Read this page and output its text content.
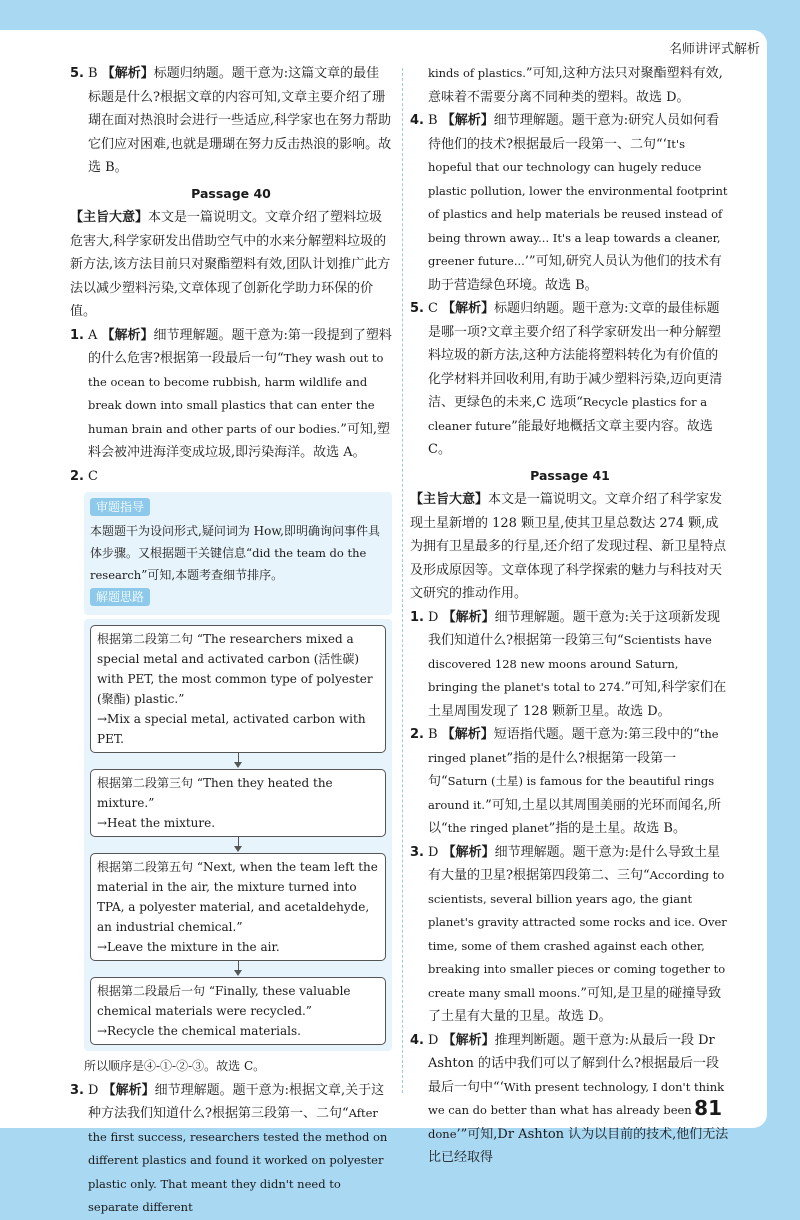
名师讲评式解析

5. B 【解析】标题归纳题。题干意为:这篇文章的最佳标题是什么?根据文章的内容可知,文章主要介绍了珊瑚在面对热浪时会进行一些适应,科学家也在努力帮助它们应对困难,也就是珊瑚在努力反击热浪的影响。故选 B。

Passage 40

【主旨大意】本文是一篇说明文。文章介绍了塑料垃圾危害大,科学家研发出借助空气中的水来分解塑料垃圾的新方法,该方法目前只对聚酯塑料有效,团队计划推广此方法以减少塑料污染,文章体现了创新化学助力环保的价值。

1. A 【解析】细节理解题。题干意为:第一段提到了塑料的什么危害?根据第一段最后一句“They wash out to the ocean to become rubbish, harm wildlife and break down into small plastics that can enter the human brain and other parts of our bodies.”可知,塑料会被冲进海洋变成垃圾,即污染海洋。故选 A。

2. C

审题指导
本题题干为设问形式,疑问词为 How,即明确询问事件具体步骤。又根据题干关键信息“did the team do the research”可知,本题考查细节排序。
解题思路
根据第二段第二句 “The researchers mixed a special metal and activated carbon (活性碳) with PET, the most common type of polyester (聚酯) plastic.”
→Mix a special metal, activated carbon with PET.
根据第二段第三句 “Then they heated the mixture.”
→Heat the mixture.
根据第二段第五句 “Next, when the team left the material in the air, the mixture turned into TPA, a polyester material, and acetaldehyde, an industrial chemical.”
→Leave the mixture in the air.
根据第二段最后一句 “Finally, these valuable chemical materials were recycled.”
→Recycle the chemical materials.
所以顺序是④-①-②-③。故选 C。

3. D 【解析】细节理解题。题干意为:根据文章,关于这种方法我们知道什么?根据第三段第一、二句“After the first success, researchers tested the method on different plastics and found it worked on polyester plastic only. That meant they didn't need to separate different

kinds of plastics.”可知,这种方法只对聚酯塑料有效,意味着不需要分离不同种类的塑料。故选 D。

4. B 【解析】细节理解题。题干意为:研究人员如何看待他们的技术?根据最后一段第一、二句“‘It's hopeful that our technology can hugely reduce plastic pollution, lower the environmental footprint of plastics and help materials be reused instead of being thrown away... It's a leap towards a cleaner, greener future...’”可知,研究人员认为他们的技术有助于营造绿色环境。故选 B。

5. C 【解析】标题归纳题。题干意为:文章的最佳标题是哪一项?文章主要介绍了科学家研发出一种分解塑料垃圾的新方法,这种方法能将塑料转化为有价值的化学材料并回收利用,有助于减少塑料污染,迈向更清洁、更绿色的未来,C 选项“Recycle plastics for a cleaner future”能最好地概括文章主要内容。故选 C。

Passage 41

【主旨大意】本文是一篇说明文。文章介绍了科学家发现土星新增的 128 颗卫星,使其卫星总数达 274 颗,成为拥有卫星最多的行星,还介绍了发现过程、新卫星特点及形成原因等。文章体现了科学探索的魅力与科技对天文研究的推动作用。

1. D 【解析】细节理解题。题干意为:关于这项新发现我们知道什么?根据第一段第三句“Scientists have discovered 128 new moons around Saturn, bringing the planet's total to 274.”可知,科学家们在土星周围发现了 128 颗新卫星。故选 D。

2. B 【解析】短语指代题。题干意为:第三段中的“the ringed planet”指的是什么?根据第一段第一句“Saturn (土星) is famous for the beautiful rings around it.”可知,土星以其周围美丽的光环而闻名,所以“the ringed planet”指的是土星。故选 B。

3. D 【解析】细节理解题。题干意为:是什么导致土星有大量的卫星?根据第四段第二、三句“According to scientists, several billion years ago, the giant planet's gravity attracted some rocks and ice. Over time, some of them crashed against each other, breaking into smaller pieces or coming together to create many small moons.”可知,是卫星的碰撞导致了土星有大量的卫星。故选 D。

4. D 【解析】推理判断题。题干意为:从最后一段 Dr Ashton 的话中我们可以了解到什么?根据最后一段最后一句中“‘With present technology, I don't think we can do better than what has already been done’”可知,Dr Ashton 认为以目前的技术,他们无法比已经取得

81
